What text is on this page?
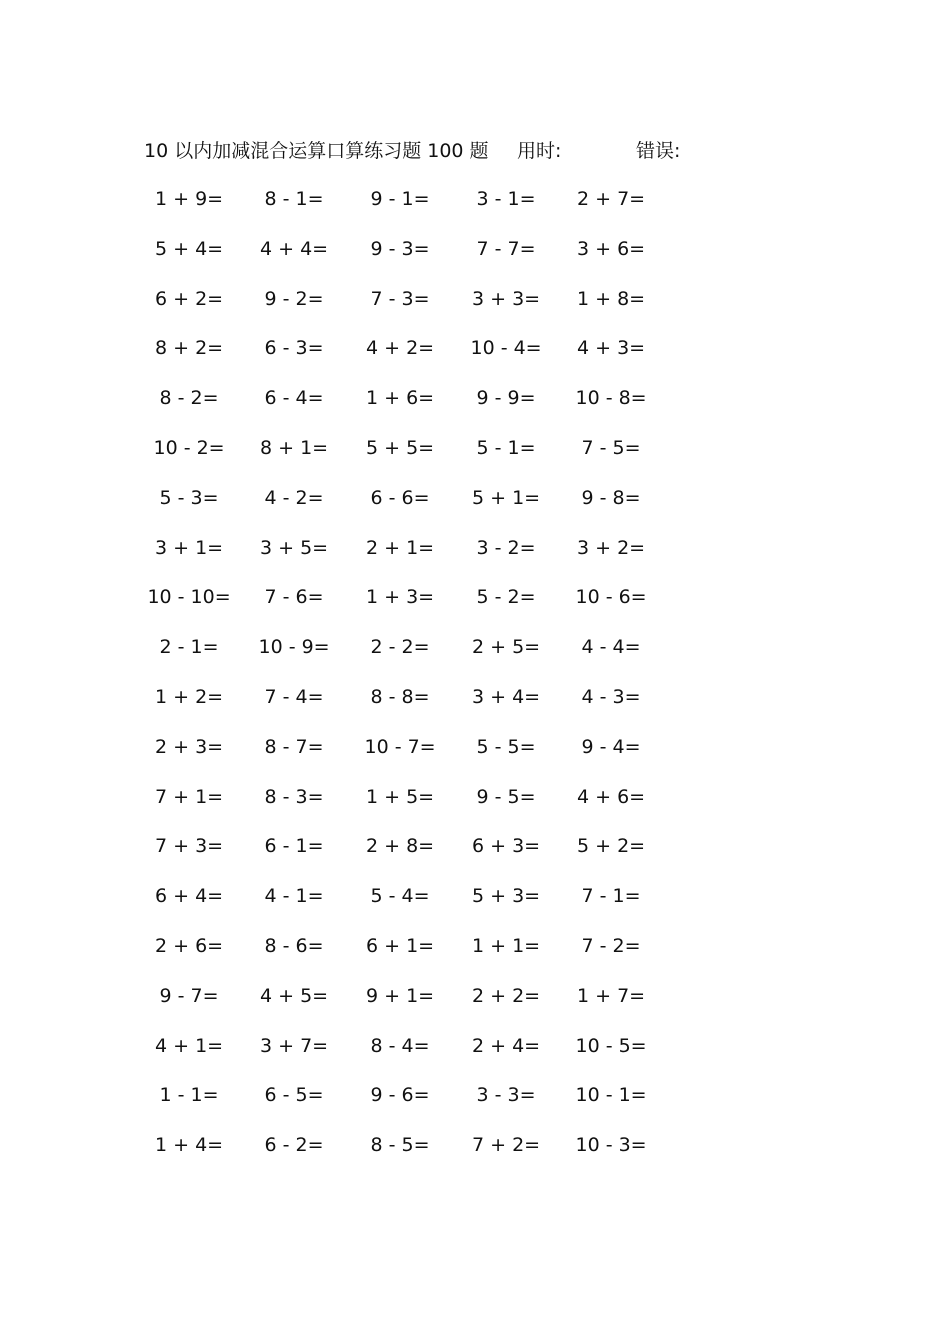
10 以内加减混合运算口算练习题 100 题 用时:	错误:
1 + 9= 8 - 1= 9 - 1= 3 - 1= 2 + 7=
5 + 4= 4 + 4= 9 - 3= 7 - 7= 3 + 6=
6 + 2= 9 - 2= 7 - 3= 3 + 3= 1 + 8=
8 + 2= 6 - 3= 4 + 2= 10 - 4= 4 + 3=
8 - 2= 6 - 4= 1 + 6= 9 - 9= 10 - 8=
10 - 2= 8 + 1= 5 + 5= 5 - 1= 7 - 5=
5 - 3= 4 - 2= 6 - 6= 5 + 1= 9 - 8=
3 + 1= 3 + 5= 2 + 1= 3 - 2= 3 + 2=
10 - 10= 7 - 6= 1 + 3= 5 - 2= 10 - 6=
2 - 1= 10 - 9= 2 - 2= 2 + 5= 4 - 4=
1 + 2= 7 - 4= 8 - 8= 3 + 4= 4 - 3=
2 + 3= 8 - 7= 10 - 7= 5 - 5= 9 - 4=
7 + 1= 8 - 3= 1 + 5= 9 - 5= 4 + 6=
7 + 3= 6 - 1= 2 + 8= 6 + 3= 5 + 2=
6 + 4= 4 - 1= 5 - 4= 5 + 3= 7 - 1=
2 + 6= 8 - 6= 6 + 1= 1 + 1= 7 - 2=
9 - 7= 4 + 5= 9 + 1= 2 + 2= 1 + 7=
4 + 1= 3 + 7= 8 - 4= 2 + 4= 10 - 5=
1 - 1= 6 - 5= 9 - 6= 3 - 3= 10 - 1=
1 + 4= 6 - 2= 8 - 5= 7 + 2= 10 - 3=
